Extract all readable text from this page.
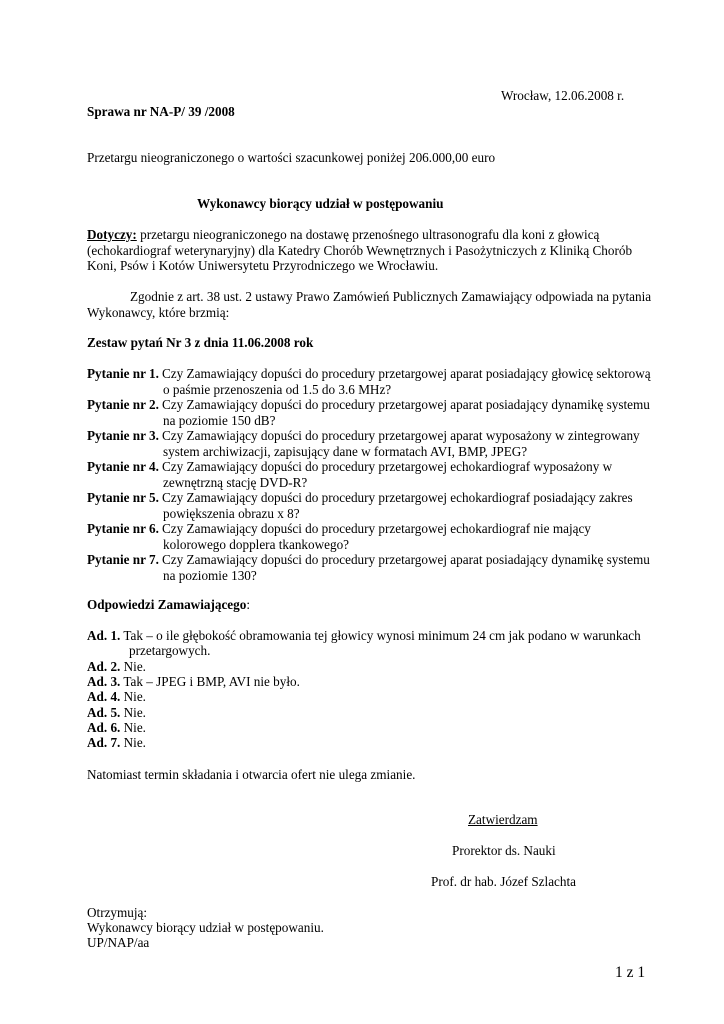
Wrocław, 12.06.2008 r.
Sprawa nr NA-P/ 39 /2008
Przetargu nieograniczonego o wartości szacunkowej poniżej 206.000,00 euro
Wykonawcy biorący udział w postępowaniu
Dotyczy: przetargu nieograniczonego na dostawę przenośnego ultrasonografu dla koni z głowicą
(echokardiograf weterynaryjny) dla Katedry Chorób Wewnętrznych i Pasożytniczych z Kliniką Chorób
Koni, Psów i Kotów Uniwersytetu Przyrodniczego we Wrocławiu.
Zgodnie z art. 38 ust. 2 ustawy Prawo Zamówień Publicznych Zamawiający odpowiada na pytania
Wykonawcy, które brzmią:
Zestaw pytań Nr 3 z dnia 11.06.2008 rok
Pytanie nr 1. Czy Zamawiający dopuści do procedury przetargowej aparat posiadający głowicę sektorową
o paśmie przenoszenia od 1.5 do 3.6 MHz?
Pytanie nr 2. Czy Zamawiający dopuści do procedury przetargowej aparat posiadający dynamikę systemu
na poziomie 150 dB?
Pytanie nr 3. Czy Zamawiający dopuści do procedury przetargowej aparat wyposażony w zintegrowany
system archiwizacji, zapisujący dane w formatach AVI, BMP, JPEG?
Pytanie nr 4. Czy Zamawiający dopuści do procedury przetargowej echokardiograf wyposażony w
zewnętrzną stację DVD-R?
Pytanie nr 5. Czy Zamawiający dopuści do procedury przetargowej echokardiograf posiadający zakres
powiększenia obrazu x 8?
Pytanie nr 6. Czy Zamawiający dopuści do procedury przetargowej echokardiograf nie mający
kolorowego dopplera tkankowego?
Pytanie nr 7. Czy Zamawiający dopuści do procedury przetargowej aparat posiadający dynamikę systemu
na poziomie 130?
Odpowiedzi Zamawiającego:
Ad. 1. Tak – o ile głębokość obramowania tej głowicy wynosi minimum 24 cm jak podano w warunkach
przetargowych.
Ad. 2. Nie.
Ad. 3. Tak – JPEG i BMP, AVI nie było.
Ad. 4. Nie.
Ad. 5. Nie.
Ad. 6. Nie.
Ad. 7. Nie.
Natomiast termin składania i otwarcia ofert nie ulega zmianie.
Zatwierdzam
Prorektor ds. Nauki
Prof. dr hab. Józef Szlachta
Otrzymują:
Wykonawcy biorący udział w postępowaniu.
UP/NAP/aa
1 z 1
